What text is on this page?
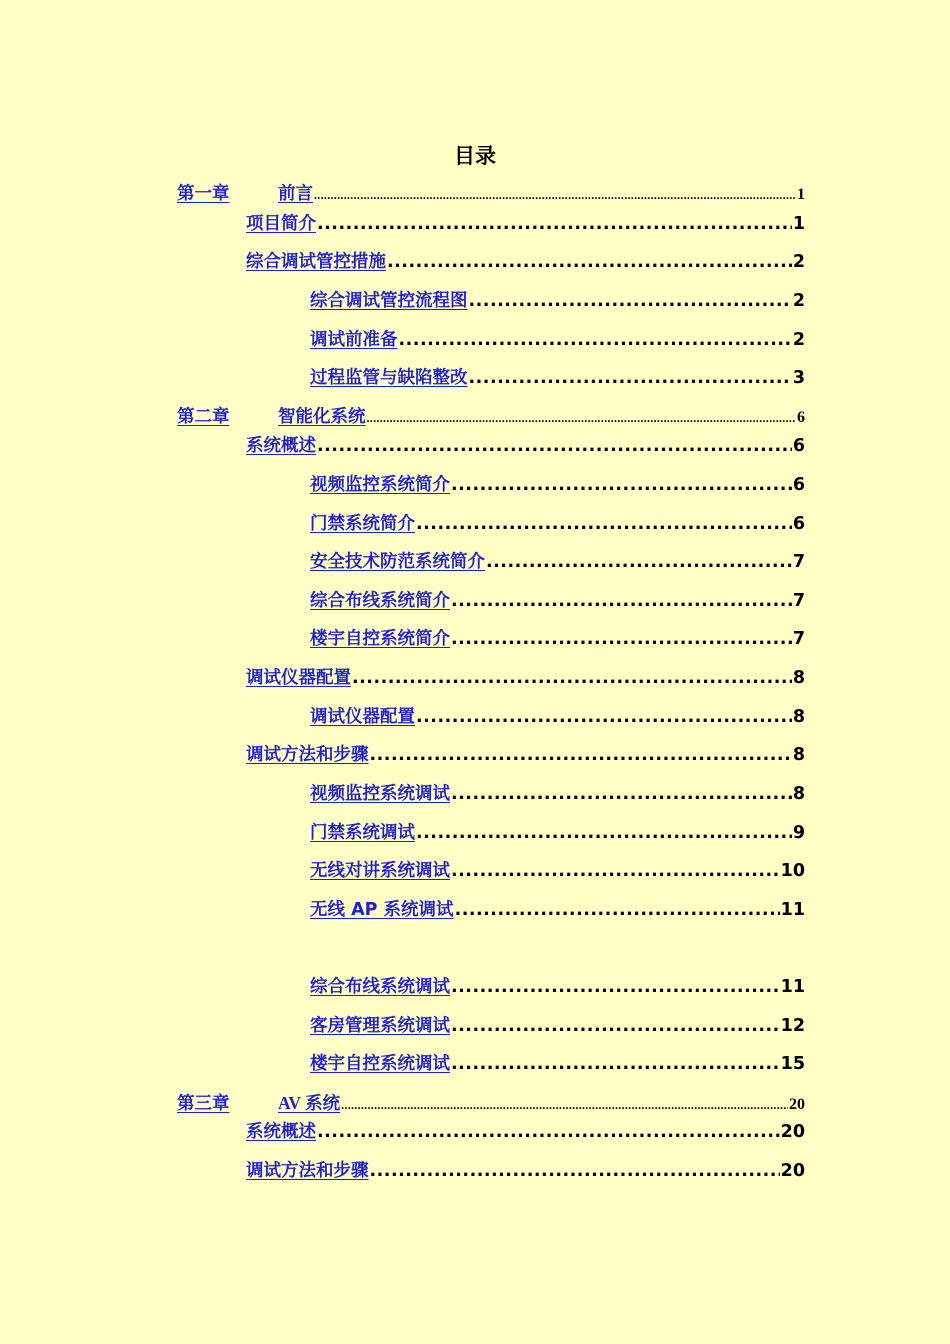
目录
第一章	前言 .....	1
项目简介 .....	1
综合调试管控措施 .....	2
综合调试管控流程图 .....	2
调试前准备 .....	2
过程监管与缺陷整改 .....	3
第二章	智能化系统 .....	6
系统概述 .....	6
视频监控系统简介 .....	6
门禁系统简介 .....	6
安全技术防范系统简介 .....	7
综合布线系统简介 .....	7
楼宇自控系统简介 .....	7
调试仪器配置 .....	8
调试仪器配置 .....	8
调试方法和步骤 .....	8
视频监控系统调试 .....	8
门禁系统调试 .....	9
无线对讲系统调试 .....	10
无线 AP 系统调试 .....	11
综合布线系统调试 .....	11
客房管理系统调试 .....	12
楼宇自控系统调试 .....	15
第三章	AV 系统 .....	20
系统概述 .....	20
调试方法和步骤 .....	20
